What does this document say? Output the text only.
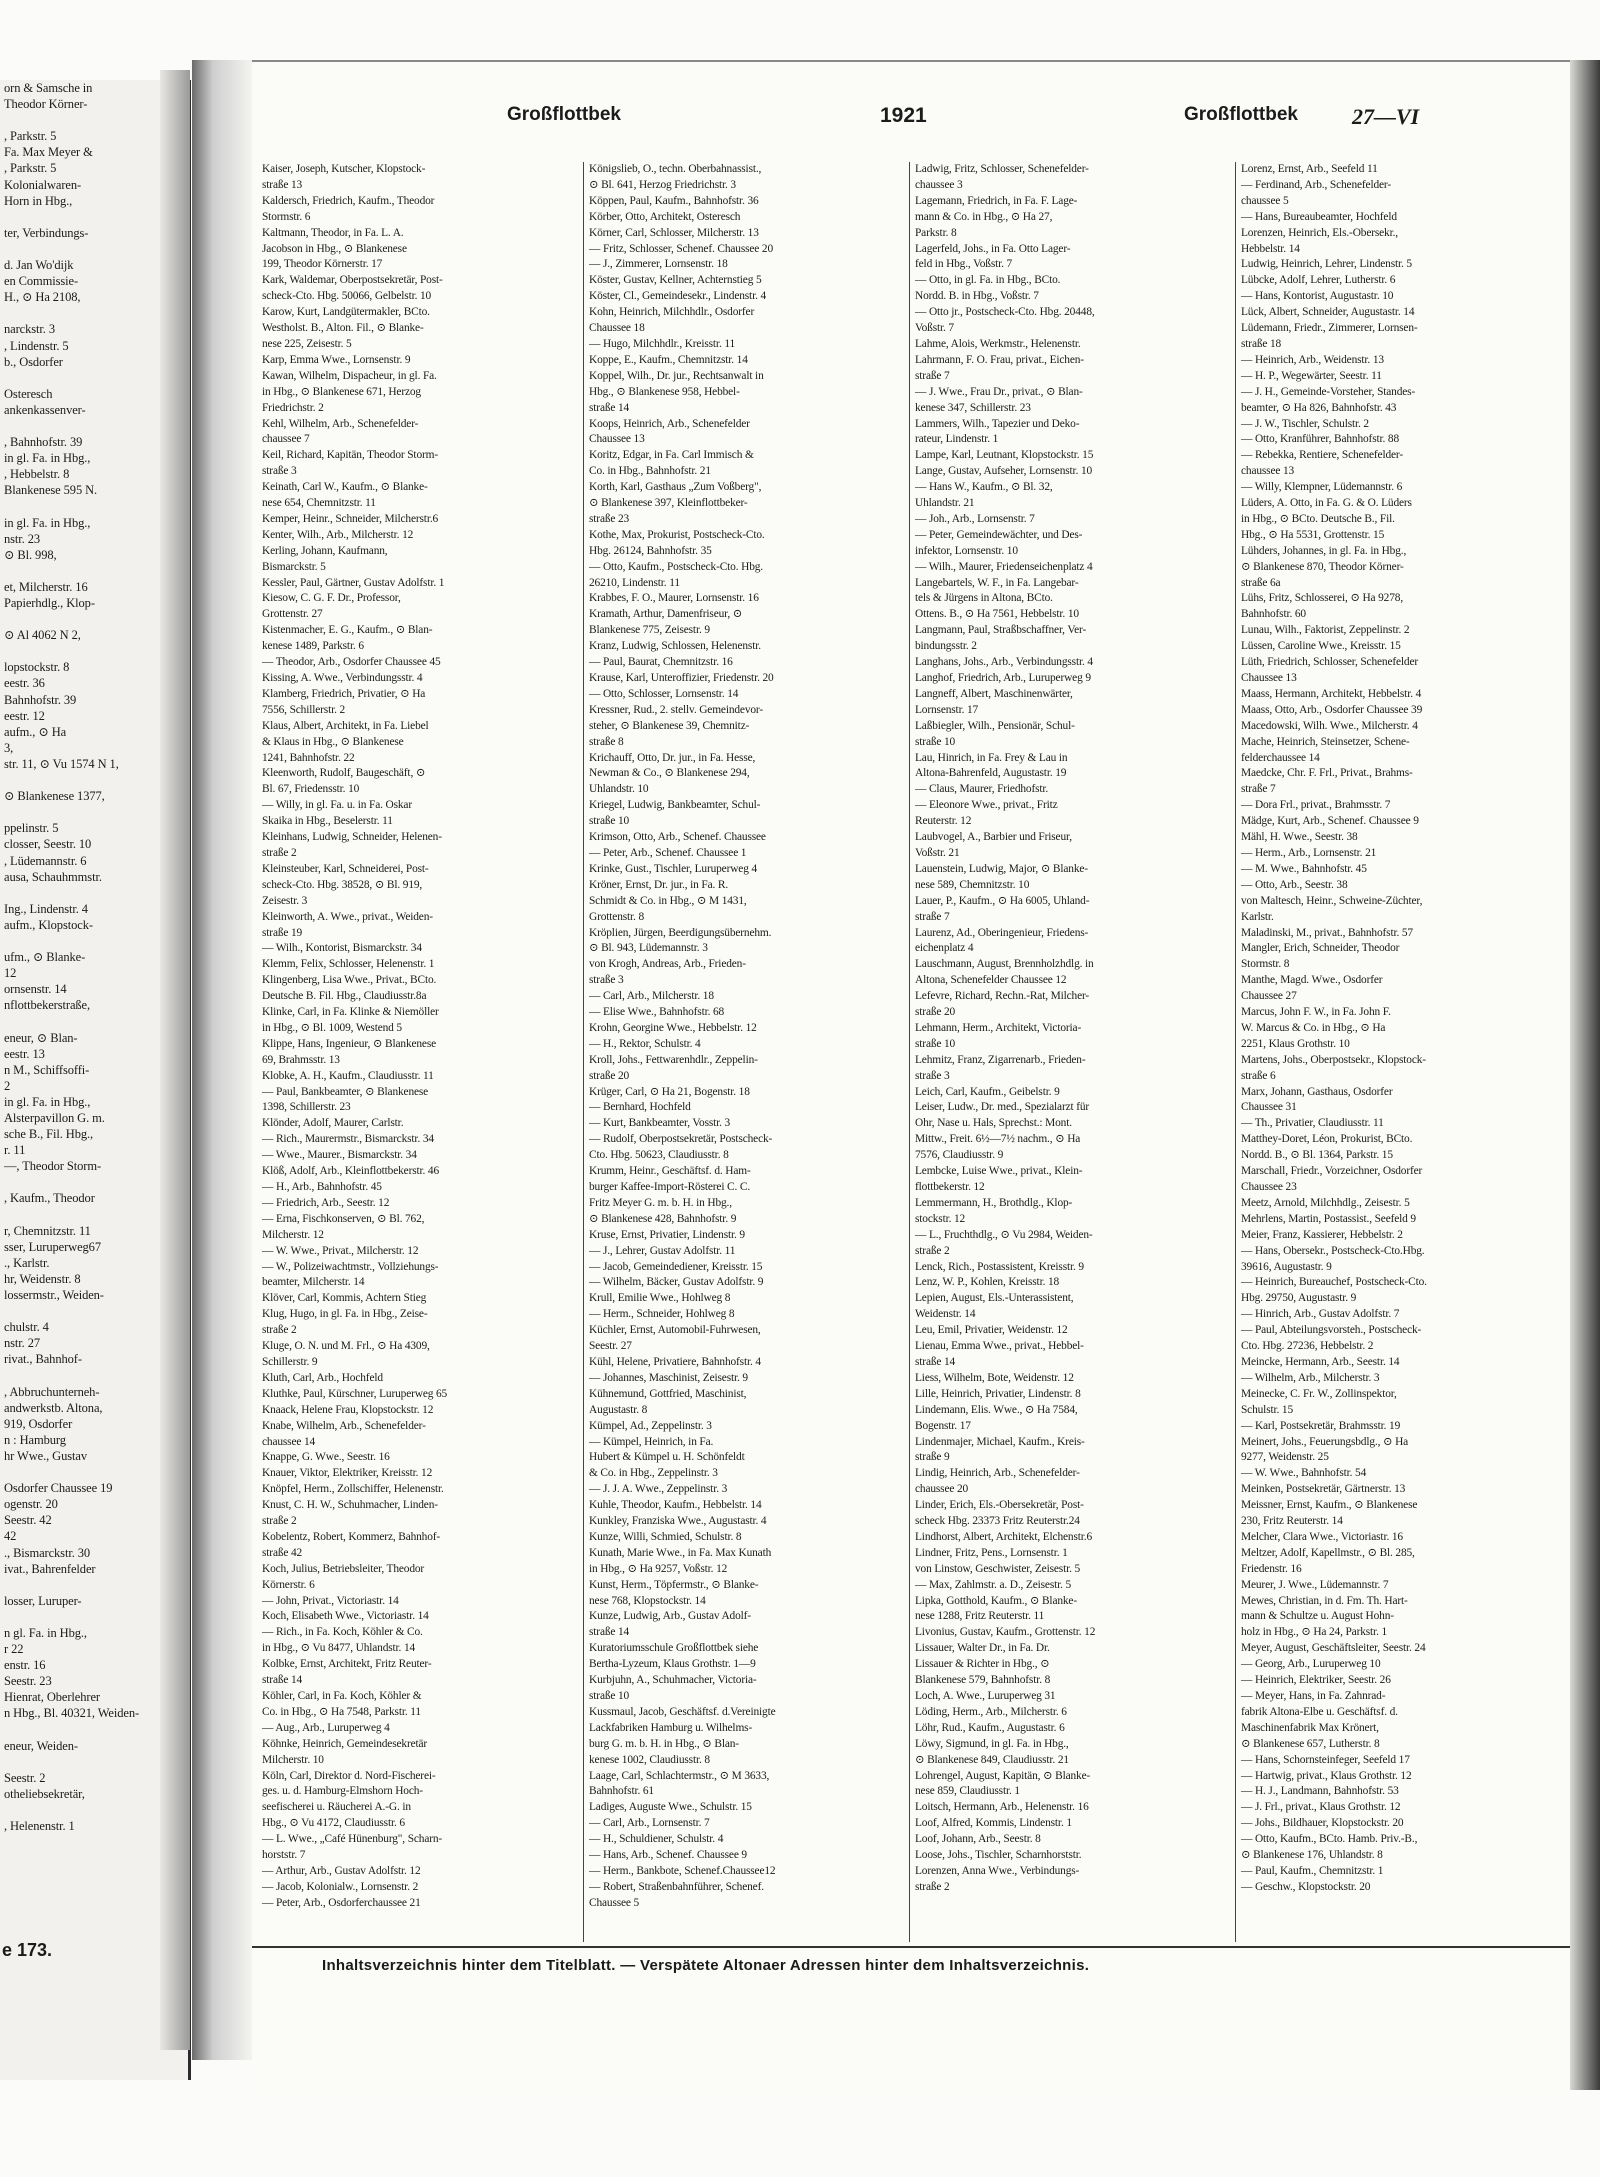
orn & Samsche in
Theodor Körner-

, Parkstr. 5
Fa. Max Meyer &
, Parkstr. 5
Kolonialwaren-
Horn in Hbg.,

ter, Verbindungs-

d. Jan Wo'dijk
en Commissie-
H., ⊙ Ha 2108,

narckstr. 3
, Lindenstr. 5
b., Osdorfer

Osteresch
ankenkassenver-

, Bahnhofstr. 39
in gl. Fa. in Hbg.,
, Hebbelstr. 8
Blankenese 595 N.

in gl. Fa. in Hbg.,
nstr. 23
⊙ Bl. 998,

et, Milcherstr. 16
Papierhdlg., Klop-

⊙ Al 4062 N 2,

lopstockstr. 8
eestr. 36
Bahnhofstr. 39
eestr. 12
aufm., ⊙ Ha
3,
str. 11, ⊙ Vu 1574 N 1,

⊙ Blankenese 1377,

ppelinstr. 5
closser, Seestr. 10
, Lüdemannstr. 6
ausa, Schauhmmstr.

Ing., Lindenstr. 4
aufm., Klopstock-

ufm., ⊙ Blanke-
12
ornsenstr. 14
nflottbekerstraße,

eneur, ⊙ Blan-
eestr. 13
n M., Schiffsoffi-
2
in gl. Fa. in Hbg.,
Alsterpavillon G. m.
sche B., Fil. Hbg.,
r. 11
—, Theodor Storm-

, Kaufm., Theodor

r, Chemnitzstr. 11
sser, Luruperweg67
., Karlstr.
hr, Weidenstr. 8
lossermstr., Weiden-

chulstr. 4
nstr. 27
rivat., Bahnhof-

, Abbruchunterneh-
andwerkstb. Altona,
919, Osdorfer
n : Hamburg
hr Wwe., Gustav

Osdorfer Chaussee 19
ogenstr. 20
Seestr. 42
42
., Bismarckstr. 30
ivat., Bahrenfelder

losser, Luruper-

n gl. Fa. in Hbg.,
r 22
enstr. 16
Seestr. 23
Hienrat, Oberlehrer
n Hbg., Bl. 40321, Weiden-

eneur, Weiden-

Seestr. 2
otheliebsekretär,

, Helenenstr. 1
e 173.
Großflottbek	1921	Großflottbek 27—VI
Kaiser, Joseph, Kutscher, Klopstock-
straße 13
Kaldersch, Friedrich, Kaufm., Theodor
Stormstr. 6
Kaltmann, Theodor, in Fa. L. A.
Jacobson in Hbg., ⊙ Blankenese
199, Theodor Körnerstr. 17
Kark, Waldemar, Oberpostsekretär, Post-
scheck-Cto. Hbg. 50066, Gelbelstr. 10
Karow, Kurt, Landgütermakler, BCto.
Westholst. B., Alton. Fil., ⊙ Blanke-
nese 225, Zeisestr. 5
Karp, Emma Wwe., Lornsenstr. 9
Kawan, Wilhelm, Dispacheur, in gl. Fa.
in Hbg., ⊙ Blankenese 671, Herzog
Friedrichstr. 2
Kehl, Wilhelm, Arb., Schenefelder-
chaussee 7
Keil, Richard, Kapitän, Theodor Storm-
straße 3
Keinath, Carl W., Kaufm., ⊙ Blanke-
nese 654, Chemnitzstr. 11
Kemper, Heinr., Schneider, Milcherstr.6
Kenter, Wilh., Arb., Milcherstr. 12
Kerling, Johann, Kaufmann,
Bismarckstr. 5
Kessler, Paul, Gärtner, Gustav Adolfstr. 1
Kiesow, C. G. F. Dr., Professor,
Grottenstr. 27
Kistenmacher, E. G., Kaufm., ⊙ Blan-
kenese 1489, Parkstr. 6
— Theodor, Arb., Osdorfer Chaussee 45
Kissing, A. Wwe., Verbindungsstr. 4
Klamberg, Friedrich, Privatier, ⊙ Ha
7556, Schillerstr. 2
Klaus, Albert, Architekt, in Fa. Liebel
& Klaus in Hbg., ⊙ Blankenese
1241, Bahnhofstr. 22
Kleenworth, Rudolf, Baugeschäft, ⊙
Bl. 67, Friedensstr. 10
— Willy, in gl. Fa. u. in Fa. Oskar
Skaika in Hbg., Beselerstr. 11
Kleinhans, Ludwig, Schneider, Helenen-
straße 2
Kleinsteuber, Karl, Schneiderei, Post-
scheck-Cto. Hbg. 38528, ⊙ Bl. 919,
Zeisestr. 3
Kleinworth, A. Wwe., privat., Weiden-
straße 19
— Wilh., Kontorist, Bismarckstr. 34
Klemm, Felix, Schlosser, Helenenstr. 1
Klingenberg, Lisa Wwe., Privat., BCto.
Deutsche B. Fil. Hbg., Claudiusstr.8a
Klinke, Carl, in Fa. Klinke & Niemöller
in Hbg., ⊙ Bl. 1009, Westend 5
Klippe, Hans, Ingenieur, ⊙ Blankenese
69, Brahmsstr. 13
Klobke, A. H., Kaufm., Claudiusstr. 11
— Paul, Bankbeamter, ⊙ Blankenese
1398, Schillerstr. 23
Klönder, Adolf, Maurer, Carlstr.
— Rich., Maurermstr., Bismarckstr. 34
— Wwe., Maurer., Bismarckstr. 34
Klöß, Adolf, Arb., Kleinflottbekerstr. 46
— H., Arb., Bahnhofstr. 45
— Friedrich, Arb., Seestr. 12
— Erna, Fischkonserven, ⊙ Bl. 762,
Milcherstr. 12
— W. Wwe., Privat., Milcherstr. 12
— W., Polizeiwachtmstr., Vollziehungs-
beamter, Milcherstr. 14
Klöver, Carl, Kommis, Achtern Stieg
Klug, Hugo, in gl. Fa. in Hbg., Zeise-
straße 2
Kluge, O. N. und M. Frl., ⊙ Ha 4309,
Schillerstr. 9
Kluth, Carl, Arb., Hochfeld
Kluthke, Paul, Kürschner, Luruperweg 65
Knaack, Helene Frau, Klopstockstr. 12
Knabe, Wilhelm, Arb., Schenefelder-
chaussee 14
Knappe, G. Wwe., Seestr. 16
Knauer, Viktor, Elektriker, Kreisstr. 12
Knöpfel, Herm., Zollschiffer, Helenenstr.
Knust, C. H. W., Schuhmacher, Linden-
straße 2
Kobelentz, Robert, Kommerz, Bahnhof-
straße 42
Koch, Julius, Betriebsleiter, Theodor
Körnerstr. 6
— John, Privat., Victoriastr. 14
Koch, Elisabeth Wwe., Victoriastr. 14
— Rich., in Fa. Koch, Köhler & Co.
in Hbg., ⊙ Vu 8477, Uhlandstr. 14
Kolbke, Ernst, Architekt, Fritz Reuter-
straße 14
Köhler, Carl, in Fa. Koch, Köhler &
Co. in Hbg., ⊙ Ha 7548, Parkstr. 11
— Aug., Arb., Luruperweg 4
Köhnke, Heinrich, Gemeindesekretär
Milcherstr. 10
Köln, Carl, Direktor d. Nord-Fischerei-
ges. u. d. Hamburg-Elmshorn Hoch-
seefischerei u. Räucherei A.-G. in
Hbg., ⊙ Vu 4172, Claudiusstr. 6
— L. Wwe., „Café Hünenburg", Scharn-
horststr. 7
— Arthur, Arb., Gustav Adolfstr. 12
— Jacob, Kolonialw., Lornsenstr. 2
— Peter, Arb., Osdorferchaussee 21
Königslieb, O., techn. Oberbahnassist.,
⊙ Bl. 641, Herzog Friedrichstr. 3
Köppen, Paul, Kaufm., Bahnhofstr. 36
Körber, Otto, Architekt, Osteresch
Körner, Carl, Schlosser, Milcherstr. 13
— Fritz, Schlosser, Schenef. Chaussee 20
— J., Zimmerer, Lornsenstr. 18
Köster, Gustav, Kellner, Achternstieg 5
Köster, Cl., Gemeindesekr., Lindenstr. 4
Kohn, Heinrich, Milchhdlr., Osdorfer
Chaussee 18
— Hugo, Milchhdlr., Kreisstr. 11
Koppe, E., Kaufm., Chemnitzstr. 14
Koppel, Wilh., Dr. jur., Rechtsanwalt in
Hbg., ⊙ Blankenese 958, Hebbel-
straße 14
Koops, Heinrich, Arb., Schenefelder
Chaussee 13
Koritz, Edgar, in Fa. Carl Immisch &
Co. in Hbg., Bahnhofstr. 21
Korth, Karl, Gasthaus „Zum Voßberg",
⊙ Blankenese 397, Kleinflottbeker-
straße 23
Kothe, Max, Prokurist, Postscheck-Cto.
Hbg. 26124, Bahnhofstr. 35
— Otto, Kaufm., Postscheck-Cto. Hbg.
26210, Lindenstr. 11
Krabbes, F. O., Maurer, Lornsenstr. 16
Kramath, Arthur, Damenfriseur, ⊙
Blankenese 775, Zeisestr. 9
Kranz, Ludwig, Schlossen, Helenenstr.
— Paul, Baurat, Chemnitzstr. 16
Krause, Karl, Unteroffizier, Friedenstr. 20
— Otto, Schlosser, Lornsenstr. 14
Kressner, Rud., 2. stellv. Gemeindevor-
steher, ⊙ Blankenese 39, Chemnitz-
straße 8
Krichauff, Otto, Dr. jur., in Fa. Hesse,
Newman & Co., ⊙ Blankenese 294,
Uhlandstr. 10
Kriegel, Ludwig, Bankbeamter, Schul-
straße 10
Krimson, Otto, Arb., Schenef. Chaussee
— Peter, Arb., Schenef. Chaussee 1
Krinke, Gust., Tischler, Luruperweg 4
Kröner, Ernst, Dr. jur., in Fa. R.
Schmidt & Co. in Hbg., ⊙ M 1431,
Grottenstr. 8
Kröplien, Jürgen, Beerdigungsübernehm.
⊙ Bl. 943, Lüdemannstr. 3
von Krogh, Andreas, Arb., Frieden-
straße 3
— Carl, Arb., Milcherstr. 18
— Elise Wwe., Bahnhofstr. 68
Krohn, Georgine Wwe., Hebbelstr. 12
— H., Rektor, Schulstr. 4
Kroll, Johs., Fettwarenhdlr., Zeppelin-
straße 20
Krüger, Carl, ⊙ Ha 21, Bogenstr. 18
— Bernhard, Hochfeld
— Kurt, Bankbeamter, Vosstr. 3
— Rudolf, Oberpostsekretär, Postscheck-
Cto. Hbg. 50623, Claudiusstr. 8
Krumm, Heinr., Geschäftsf. d. Ham-
burger Kaffee-Import-Rösterei C. C.
Fritz Meyer G. m. b. H. in Hbg.,
⊙ Blankenese 428, Bahnhofstr. 9
Kruse, Ernst, Privatier, Lindenstr. 9
— J., Lehrer, Gustav Adolfstr. 11
— Jacob, Gemeindediener, Kreisstr. 15
— Wilhelm, Bäcker, Gustav Adolfstr. 9
Krull, Emilie Wwe., Hohlweg 8
— Herm., Schneider, Hohlweg 8
Küchler, Ernst, Automobil-Fuhrwesen,
Seestr. 27
Kühl, Helene, Privatiere, Bahnhofstr. 4
— Johannes, Maschinist, Zeisestr. 9
Kühnemund, Gottfried, Maschinist,
Augustastr. 8
Kümpel, Ad., Zeppelinstr. 3
— Kümpel, Heinrich, in Fa.
Hubert & Kümpel u. H. Schönfeldt
& Co. in Hbg., Zeppelinstr. 3
— J. J. A. Wwe., Zeppelinstr. 3
Kuhle, Theodor, Kaufm., Hebbelstr. 14
Kunkley, Franziska Wwe., Augustastr. 4
Kunze, Willi, Schmied, Schulstr. 8
Kunath, Marie Wwe., in Fa. Max Kunath
in Hbg., ⊙ Ha 9257, Voßstr. 12
Kunst, Herm., Töpfermstr., ⊙ Blanke-
nese 768, Klopstockstr. 14
Kunze, Ludwig, Arb., Gustav Adolf-
straße 14
Kuratoriumsschule Großflottbek siehe
Bertha-Lyzeum, Klaus Grothstr. 1—9
Kurbjuhn, A., Schuhmacher, Victoria-
straße 10
Kussmaul, Jacob, Geschäftsf. d.Vereinigte
Lackfabriken Hamburg u. Wilhelms-
burg G. m. b. H. in Hbg., ⊙ Blan-
kenese 1002, Claudiusstr. 8
Laage, Carl, Schlachtermstr., ⊙ M 3633,
Bahnhofstr. 61
Ladiges, Auguste Wwe., Schulstr. 15
— Carl, Arb., Lornsenstr. 7
— H., Schuldiener, Schulstr. 4
— Hans, Arb., Schenef. Chaussee 9
— Herm., Bankbote, Schenef.Chaussee12
— Robert, Straßenbahnführer, Schenef.
Chaussee 5
Ladwig, Fritz, Schlosser, Schenefelder-
chaussee 3
Lagemann, Friedrich, in Fa. F. Lage-
mann & Co. in Hbg., ⊙ Ha 27,
Parkstr. 8
Lagerfeld, Johs., in Fa. Otto Lager-
feld in Hbg., Voßstr. 7
— Otto, in gl. Fa. in Hbg., BCto.
Nordd. B. in Hbg., Voßstr. 7
— Otto jr., Postscheck-Cto. Hbg. 20448,
Voßstr. 7
Lahme, Alois, Werkmstr., Helenenstr.
Lahrmann, F. O. Frau, privat., Eichen-
straße 7
— J. Wwe., Frau Dr., privat., ⊙ Blan-
kenese 347, Schillerstr. 23
Lammers, Wilh., Tapezier und Deko-
rateur, Lindenstr. 1
Lampe, Karl, Leutnant, Klopstockstr. 15
Lange, Gustav, Aufseher, Lornsenstr. 10
— Hans W., Kaufm., ⊙ Bl. 32,
Uhlandstr. 21
— Joh., Arb., Lornsenstr. 7
— Peter, Gemeindewächter, und Des-
infektor, Lornsenstr. 10
— Wilh., Maurer, Friedenseichenplatz 4
Langebartels, W. F., in Fa. Langebar-
tels & Jürgens in Altona, BCto.
Ottens. B., ⊙ Ha 7561, Hebbelstr. 10
Langmann, Paul, Straßbschaffner, Ver-
bindungsstr. 2
Langhans, Johs., Arb., Verbindungsstr. 4
Langhof, Friedrich, Arb., Luruperweg 9
Langneff, Albert, Maschinenwärter,
Lornsenstr. 17
Laßbiegler, Wilh., Pensionär, Schul-
straße 10
Lau, Hinrich, in Fa. Frey & Lau in
Altona-Bahrenfeld, Augustastr. 19
— Claus, Maurer, Friedhofstr.
— Eleonore Wwe., privat., Fritz
Reuterstr. 12
Laubvogel, A., Barbier und Friseur,
Voßstr. 21
Lauenstein, Ludwig, Major, ⊙ Blanke-
nese 589, Chemnitzstr. 10
Lauer, P., Kaufm., ⊙ Ha 6005, Uhland-
straße 7
Laurenz, Ad., Oberingenieur, Friedens-
eichenplatz 4
Lauschmann, August, Brennholzhdlg. in
Altona, Schenefelder Chaussee 12
Lefevre, Richard, Rechn.-Rat, Milcher-
straße 20
Lehmann, Herm., Architekt, Victoria-
straße 10
Lehmitz, Franz, Zigarrenarb., Frieden-
straße 3
Leich, Carl, Kaufm., Geibelstr. 9
Leiser, Ludw., Dr. med., Spezialarzt für
Ohr, Nase u. Hals, Sprechst.: Mont.
Mittw., Freit. 6½—7½ nachm., ⊙ Ha
7576, Claudiusstr. 9
Lembcke, Luise Wwe., privat., Klein-
flottbekerstr. 12
Lemmermann, H., Brothdlg., Klop-
stockstr. 12
— L., Fruchthdlg., ⊙ Vu 2984, Weiden-
straße 2
Lenck, Rich., Postassistent, Kreisstr. 9
Lenz, W. P., Kohlen, Kreisstr. 18
Lepien, August, Els.-Unterassistent,
Weidenstr. 14
Leu, Emil, Privatier, Weidenstr. 12
Lienau, Emma Wwe., privat., Hebbel-
straße 14
Liess, Wilhelm, Bote, Weidenstr. 12
Lille, Heinrich, Privatier, Lindenstr. 8
Lindemann, Elis. Wwe., ⊙ Ha 7584,
Bogenstr. 17
Lindenmajer, Michael, Kaufm., Kreis-
straße 9
Lindig, Heinrich, Arb., Schenefelder-
chaussee 20
Linder, Erich, Els.-Obersekretär, Post-
scheck Hbg. 23373 Fritz Reuterstr.24
Lindhorst, Albert, Architekt, Elchenstr.6
Lindner, Fritz, Pens., Lornsenstr. 1
von Linstow, Geschwister, Zeisestr. 5
— Max, Zahlmstr. a. D., Zeisestr. 5
Lipka, Gotthold, Kaufm., ⊙ Blanke-
nese 1288, Fritz Reuterstr. 11
Livonius, Gustav, Kaufm., Grottenstr. 12
Lissauer, Walter Dr., in Fa. Dr.
Lissauer & Richter in Hbg., ⊙
Blankenese 579, Bahnhofstr. 8
Loch, A. Wwe., Luruperweg 31
Löding, Herm., Arb., Milcherstr. 6
Löhr, Rud., Kaufm., Augustastr. 6
Löwy, Sigmund, in gl. Fa. in Hbg.,
⊙ Blankenese 849, Claudiusstr. 21
Lohrengel, August, Kapitän, ⊙ Blanke-
nese 859, Claudiusstr. 1
Loitsch, Hermann, Arb., Helenenstr. 16
Loof, Alfred, Kommis, Lindenstr. 1
Loof, Johann, Arb., Seestr. 8
Loose, Johs., Tischler, Scharnhorststr.
Lorenzen, Anna Wwe., Verbindungs-
straße 2
Lorenz, Ernst, Arb., Seefeld 11
— Ferdinand, Arb., Schenefelder-
chaussee 5
— Hans, Bureaubeamter, Hochfeld
Lorenzen, Heinrich, Els.-Obersekr.,
Hebbelstr. 14
Ludwig, Heinrich, Lehrer, Lindenstr. 5
Lübcke, Adolf, Lehrer, Lutherstr. 6
— Hans, Kontorist, Augustastr. 10
Lück, Albert, Schneider, Augustastr. 14
Lüdemann, Friedr., Zimmerer, Lornsen-
straße 18
— Heinrich, Arb., Weidenstr. 13
— H. P., Wegewärter, Seestr. 11
— J. H., Gemeinde-Vorsteher, Standes-
beamter, ⊙ Ha 826, Bahnhofstr. 43
— J. W., Tischler, Schulstr. 2
— Otto, Kranführer, Bahnhofstr. 88
— Rebekka, Rentiere, Schenefelder-
chaussee 13
— Willy, Klempner, Lüdemannstr. 6
Lüders, A. Otto, in Fa. G. & O. Lüders
in Hbg., ⊙ BCto. Deutsche B., Fil.
Hbg., ⊙ Ha 5531, Grottenstr. 15
Lühders, Johannes, in gl. Fa. in Hbg.,
⊙ Blankenese 870, Theodor Körner-
straße 6a
Lühs, Fritz, Schlosserei, ⊙ Ha 9278,
Bahnhofstr. 60
Lunau, Wilh., Faktorist, Zeppelinstr. 2
Lüssen, Caroline Wwe., Kreisstr. 15
Lüth, Friedrich, Schlosser, Schenefelder
Chaussee 13
Maass, Hermann, Architekt, Hebbelstr. 4
Maass, Otto, Arb., Osdorfer Chaussee 39
Macedowski, Wilh. Wwe., Milcherstr. 4
Mache, Heinrich, Steinsetzer, Schene-
felderchaussee 14
Maedcke, Chr. F. Frl., Privat., Brahms-
straße 7
— Dora Frl., privat., Brahmsstr. 7
Mädge, Kurt, Arb., Schenef. Chaussee 9
Mähl, H. Wwe., Seestr. 38
— Herm., Arb., Lornsenstr. 21
— M. Wwe., Bahnhofstr. 45
— Otto, Arb., Seestr. 38
von Maltesch, Heinr., Schweine-Züchter,
Karlstr.
Maladinski, M., privat., Bahnhofstr. 57
Mangler, Erich, Schneider, Theodor
Stormstr. 8
Manthe, Magd. Wwe., Osdorfer
Chaussee 27
Marcus, John F. W., in Fa. John F.
W. Marcus & Co. in Hbg., ⊙ Ha
2251, Klaus Grothstr. 10
Martens, Johs., Oberpostsekr., Klopstock-
straße 6
Marx, Johann, Gasthaus, Osdorfer
Chaussee 31
— Th., Privatier, Claudiusstr. 11
Matthey-Doret, Léon, Prokurist, BCto.
Nordd. B., ⊙ Bl. 1364, Parkstr. 15
Marschall, Friedr., Vorzeichner, Osdorfer
Chaussee 23
Meetz, Arnold, Milchhdlg., Zeisestr. 5
Mehrlens, Martin, Postassist., Seefeld 9
Meier, Franz, Kassierer, Hebbelstr. 2
— Hans, Obersekr., Postscheck-Cto.Hbg.
39616, Augustastr. 9
— Heinrich, Bureauchef, Postscheck-Cto.
Hbg. 29750, Augustastr. 9
— Hinrich, Arb., Gustav Adolfstr. 7
— Paul, Abteilungsvorsteh., Postscheck-
Cto. Hbg. 27236, Hebbelstr. 2
Meincke, Hermann, Arb., Seestr. 14
— Wilhelm, Arb., Milcherstr. 3
Meinecke, C. Fr. W., Zollinspektor,
Schulstr. 15
— Karl, Postsekretär, Brahmsstr. 19
Meinert, Johs., Feuerungsbdlg., ⊙ Ha
9277, Weidenstr. 25
— W. Wwe., Bahnhofstr. 54
Meinken, Postsekretär, Gärtnerstr. 13
Meissner, Ernst, Kaufm., ⊙ Blankenese
230, Fritz Reuterstr. 14
Melcher, Clara Wwe., Victoriastr. 16
Meltzer, Adolf, Kapellmstr., ⊙ Bl. 285,
Friedenstr. 16
Meurer, J. Wwe., Lüdemannstr. 7
Mewes, Christian, in d. Fm. Th. Hart-
mann & Schultze u. August Hohn-
holz in Hbg., ⊙ Ha 24, Parkstr. 1
Meyer, August, Geschäftsleiter, Seestr. 24
— Georg, Arb., Luruperweg 10
— Heinrich, Elektriker, Seestr. 26
— Meyer, Hans, in Fa. Zahnrad-
fabrik Altona-Elbe u. Geschäftsf. d.
Maschinenfabrik Max Krönert,
⊙ Blankenese 657, Lutherstr. 8
— Hans, Schornsteinfeger, Seefeld 17
— Hartwig, privat., Klaus Grothstr. 12
— H. J., Landmann, Bahnhofstr. 53
— J. Frl., privat., Klaus Grothstr. 12
— Johs., Bildhauer, Klopstockstr. 20
— Otto, Kaufm., BCto. Hamb. Priv.-B.,
⊙ Blankenese 176, Uhlandstr. 8
— Paul, Kaufm., Chemnitzstr. 1
— Geschw., Klopstockstr. 20
Inhaltsverzeichnis hinter dem Titelblatt. — Verspätete Altonaer Adressen hinter dem Inhaltsverzeichnis.
